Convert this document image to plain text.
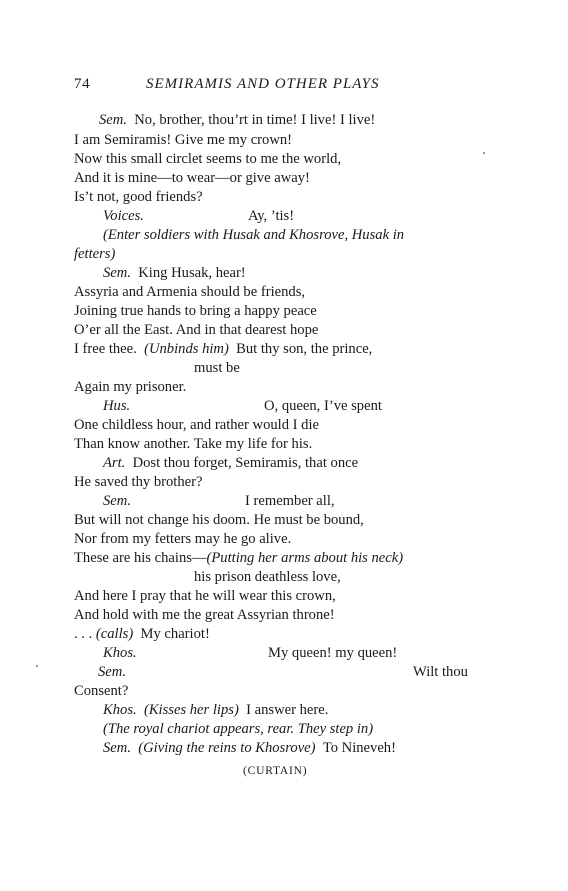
74	SEMIRAMIS AND OTHER PLAYS
Sem. No, brother, thou’rt in time! I live! I live!
I am Semiramis! Give me my crown!
Now this small circlet seems to me the world,
And it is mine—to wear—or give away!
Is’t not, good friends?
Voices.	Ay, ’tis!
(Enter soldiers with Husak and Khosrove, Husak in
fetters)
Sem. King Husak, hear!
Assyria and Armenia should be friends,
Joining true hands to bring a happy peace
O’er all the East. And in that dearest hope
I free thee. (Unbinds him) But thy son, the prince,
must be
Again my prisoner.
Hus.	O, queen, I’ve spent
One childless hour, and rather would I die
Than know another. Take my life for his.
Art. Dost thou forget, Semiramis, that once
He saved thy brother?
Sem.	I remember all,
But will not change his doom. He must be bound,
Nor from my fetters may he go alive.
These are his chains—(Putting her arms about his neck)
his prison deathless love,
And here I pray that he will wear this crown,
And hold with me the great Assyrian throne!
. . . (calls) My chariot!
Khos.	My queen! my queen!
Sem.	Wilt thou
Consent?
Khos. (Kisses her lips) I answer here.
(The royal chariot appears, rear. They step in)
Sem. (Giving the reins to Khosrove) To Nineveh!
(CURTAIN)
